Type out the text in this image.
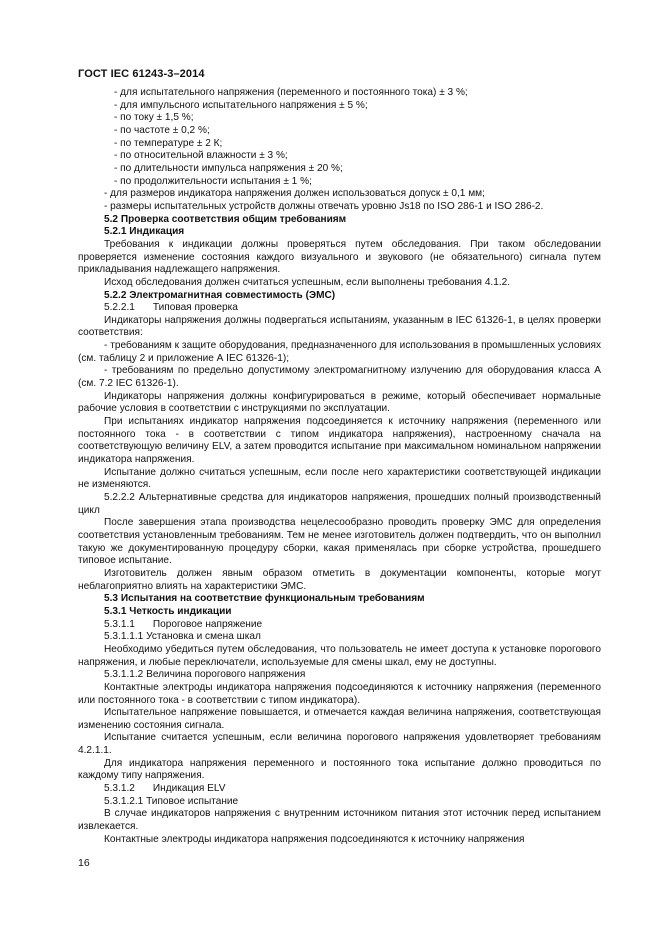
ГОСТ IEC 61243-3–2014

- для испытательного напряжения (переменного и постоянного тока) ± 3 %;

- для импульсного испытательного напряжения ± 5 %;

- по току ± 1,5 %;

- по частоте ± 0,2 %;

- по температуре ± 2 К;

- по относительной влажности ± 3 %;

- по длительности импульса напряжения ± 20 %;

- по продолжительности испытания ± 1 %;

- для размеров индикатора напряжения должен использоваться допуск ± 0,1 мм;

- размеры испытательных устройств должны отвечать уровню Js18 по ISO 286-1 и ISO 286-2.

5.2 Проверка соответствия общим требованиям

5.2.1 Индикация

Требования к индикации должны проверяться путем обследования. При таком обследовании проверяется изменение состояния каждого визуального и звукового (не обязательного) сигнала путем прикладывания надлежащего напряжения.

Исход обследования должен считаться успешным, если выполнены требования 4.1.2.

5.2.2 Электромагнитная совместимость (ЭМС)

5.2.2.1 Типовая проверка

Индикаторы напряжения должны подвергаться испытаниям, указанным в IEC 61326-1, в целях проверки соответствия:

- требованиям к защите оборудования, предназначенного для использования в промышленных условиях (см. таблицу 2 и приложение А IEC 61326-1);

- требованиям по предельно допустимому электромагнитному излучению для оборудования класса А (см. 7.2 IEC 61326-1).

Индикаторы напряжения должны конфигурироваться в режиме, который обеспечивает нормальные рабочие условия в соответствии с инструкциями по эксплуатации.

При испытаниях индикатор напряжения подсоединяется к источнику напряжения (переменного или постоянного тока - в соответствии с типом индикатора напряжения), настроенному сначала на соответствующую величину ELV, а затем проводится испытание при максимальном номинальном напряжении индикатора напряжения.

Испытание должно считаться успешным, если после него характеристики соответствующей индикации не изменяются.

5.2.2.2 Альтернативные средства для индикаторов напряжения, прошедших полный производственный цикл

После завершения этапа производства нецелесообразно проводить проверку ЭМС для определения соответствия установленным требованиям. Тем не менее изготовитель должен подтвердить, что он выполнил такую же документированную процедуру сборки, какая применялась при сборке устройства, прошедшего типовое испытание.

Изготовитель должен явным образом отметить в документации компоненты, которые могут неблагоприятно влиять на характеристики ЭМС.

5.3 Испытания на соответствие функциональным требованиям

5.3.1 Четкость индикации

5.3.1.1 Пороговое напряжение

5.3.1.1.1 Установка и смена шкал

Необходимо убедиться путем обследования, что пользователь не имеет доступа к установке порогового напряжения, и любые переключатели, используемые для смены шкал, ему не доступны.

5.3.1.1.2 Величина порогового напряжения

Контактные электроды индикатора напряжения подсоединяются к источнику напряжения (переменного или постоянного тока - в соответствии с типом индикатора).

Испытательное напряжение повышается, и отмечается каждая величина напряжения, соответствующая изменению состояния сигнала.

Испытание считается успешным, если величина порогового напряжения удовлетворяет требованиям 4.2.1.1.

Для индикатора напряжения переменного и постоянного тока испытание должно проводиться по каждому типу напряжения.

5.3.1.2 Индикация ELV

5.3.1.2.1 Типовое испытание

В случае индикаторов напряжения с внутренним источником питания этот источник перед испытанием извлекается.

Контактные электроды индикатора напряжения подсоединяются к источнику напряжения

16
